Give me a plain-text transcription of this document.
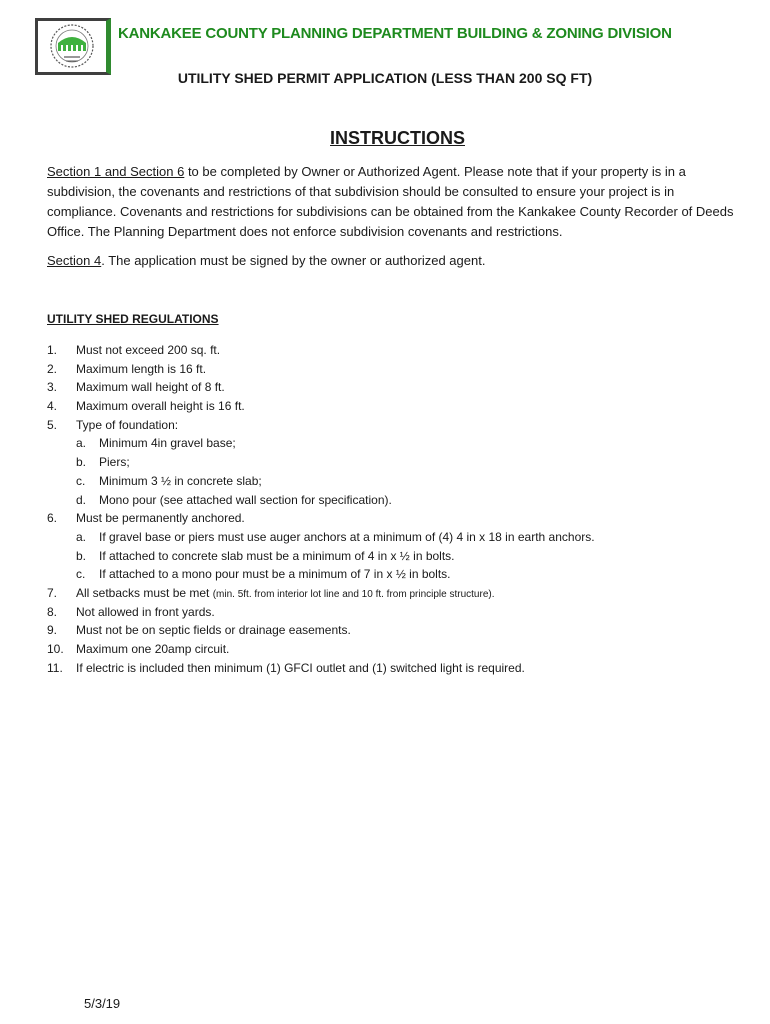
KANKAKEE COUNTY PLANNING DEPARTMENT BUILDING & ZONING DIVISION
UTILITY SHED PERMIT APPLICATION (LESS THAN 200 SQ FT)
INSTRUCTIONS
Section 1 and Section 6 to be completed by Owner or Authorized Agent. Please note that if your property is in a subdivision, the covenants and restrictions of that subdivision should be consulted to ensure your project is in compliance. Covenants and restrictions for subdivisions can be obtained from the Kankakee County Recorder of Deeds Office. The Planning Department does not enforce subdivision covenants and restrictions.
Section 4. The application must be signed by the owner or authorized agent.
UTILITY SHED REGULATIONS
1. Must not exceed 200 sq. ft.
2. Maximum length is 16 ft.
3. Maximum wall height of 8 ft.
4. Maximum overall height is 16 ft.
5. Type of foundation:
a. Minimum 4in gravel base;
b. Piers;
c. Minimum 3 ½ in concrete slab;
d. Mono pour (see attached wall section for specification).
6. Must be permanently anchored.
a. If gravel base or piers must use auger anchors at a minimum of (4) 4 in x 18 in earth anchors.
b. If attached to concrete slab must be a minimum of 4 in x ½ in bolts.
c. If attached to a mono pour must be a minimum of 7 in x ½ in bolts.
7. All setbacks must be met (min. 5ft. from interior lot line and 10 ft. from principle structure).
8. Not allowed in front yards.
9. Must not be on septic fields or drainage easements.
10. Maximum one 20amp circuit.
11. If electric is included then minimum (1) GFCI outlet and (1) switched light is required.
5/3/19
